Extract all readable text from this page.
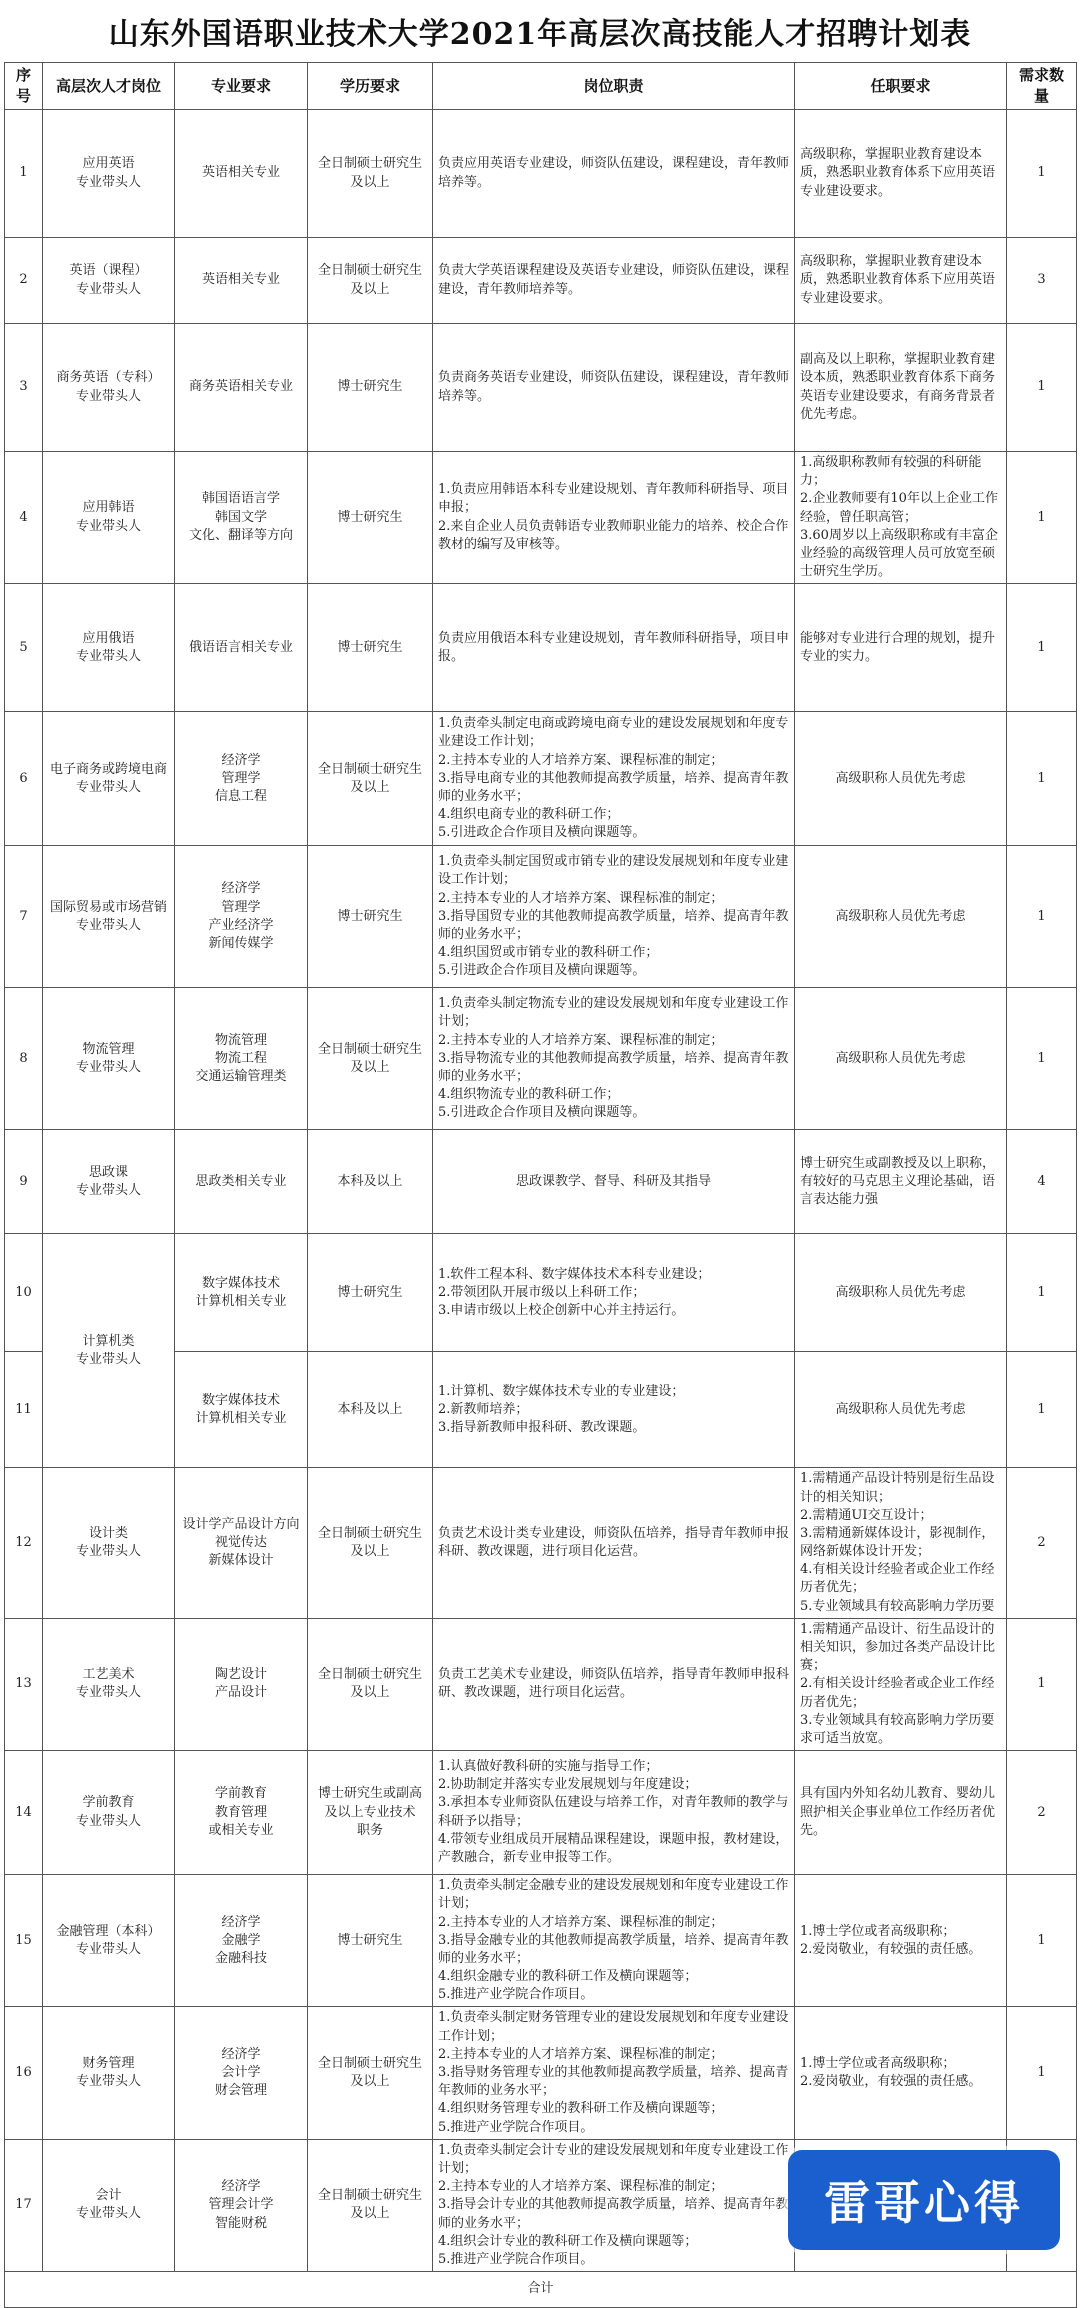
山东外国语职业技术大学2021年高层次高技能人才招聘计划表
序号	高层次人才岗位	专业要求	学历要求	岗位职责	任职要求	需求数量
1	应用英语
专业带头人	英语相关专业	全日制硕士研究生
及以上	负责应用英语专业建设，师资队伍建设，课程建设，青年教师培养等。	高级职称，掌握职业教育建设本质，熟悉职业教育体系下应用英语专业建设要求。	1
2	英语（课程）
专业带头人	英语相关专业	全日制硕士研究生
及以上	负责大学英语课程建设及英语专业建设，师资队伍建设，课程建设，青年教师培养等。	高级职称，掌握职业教育建设本质，熟悉职业教育体系下应用英语专业建设要求。	3
3	商务英语（专科）
专业带头人	商务英语相关专业	博士研究生	负责商务英语专业建设，师资队伍建设，课程建设，青年教师培养等。	副高及以上职称，掌握职业教育建设本质，熟悉职业教育体系下商务英语专业建设要求，有商务背景者优先考虑。	1
4	应用韩语
专业带头人	韩国语语言学
韩国文学
文化、翻译等方向	博士研究生	1.负责应用韩语本科专业建设规划、青年教师科研指导、项目申报；
2.来自企业人员负责韩语专业教师职业能力的培养、校企合作教材的编写及审核等。	1.高级职称教师有较强的科研能力；
2.企业教师要有10年以上企业工作经验，曾任职高管；
3.60周岁以上高级职称或有丰富企业经验的高级管理人员可放宽至硕士研究生学历。	1
5	应用俄语
专业带头人	俄语语言相关专业	博士研究生	负责应用俄语本科专业建设规划，青年教师科研指导，项目申报。	能够对专业进行合理的规划，提升专业的实力。	1
6	电子商务或跨境电商
专业带头人	经济学
管理学
信息工程	全日制硕士研究生
及以上	1.负责牵头制定电商或跨境电商专业的建设发展规划和年度专业建设工作计划；
2.主持本专业的人才培养方案、课程标准的制定；
3.指导电商专业的其他教师提高教学质量，培养、提高青年教师的业务水平；
4.组织电商专业的教科研工作；
5.引进政企合作项目及横向课题等。	高级职称人员优先考虑	1
7	国际贸易或市场营销
专业带头人	经济学
管理学
产业经济学
新闻传媒学	博士研究生	1.负责牵头制定国贸或市销专业的建设发展规划和年度专业建设工作计划；
2.主持本专业的人才培养方案、课程标准的制定；
3.指导国贸专业的其他教师提高教学质量，培养、提高青年教师的业务水平；
4.组织国贸或市销专业的教科研工作；
5.引进政企合作项目及横向课题等。	高级职称人员优先考虑	1
8	物流管理
专业带头人	物流管理
物流工程
交通运输管理类	全日制硕士研究生
及以上	1.负责牵头制定物流专业的建设发展规划和年度专业建设工作计划；
2.主持本专业的人才培养方案、课程标准的制定；
3.指导物流专业的其他教师提高教学质量，培养、提高青年教师的业务水平；
4.组织物流专业的教科研工作；
5.引进政企合作项目及横向课题等。	高级职称人员优先考虑	1
9	思政课
专业带头人	思政类相关专业	本科及以上	思政课教学、督导、科研及其指导	博士研究生或副教授及以上职称，有较好的马克思主义理论基础，语言表达能力强	4
10	计算机类
专业带头人	数字媒体技术
计算机相关专业	博士研究生	1.软件工程本科、数字媒体技术本科专业建设；
2.带领团队开展市级以上科研工作；
3.申请市级以上校企创新中心并主持运行。	高级职称人员优先考虑	1
11		数字媒体技术
计算机相关专业	本科及以上	1.计算机、数字媒体技术专业的专业建设；
2.新教师培养；
3.指导新教师申报科研、教改课题。	高级职称人员优先考虑	1
12	设计类
专业带头人	设计学产品设计方向
视觉传达
新媒体设计	全日制硕士研究生
及以上	负责艺术设计类专业建设，师资队伍培养，指导青年教师申报科研、教改课题，进行项目化运营。	1.需精通产品设计特别是衍生品设计的相关知识；
2.需精通UI交互设计；
3.需精通新媒体设计，影视制作，网络新媒体设计开发；
4.有相关设计经验者或企业工作经历者优先；
5.专业领域具有较高影响力学历要	2
13	工艺美术
专业带头人	陶艺设计
产品设计	全日制硕士研究生
及以上	负责工艺美术专业建设，师资队伍培养，指导青年教师申报科研、教改课题，进行项目化运营。	1.需精通产品设计、衍生品设计的相关知识，参加过各类产品设计比赛；
2.有相关设计经验者或企业工作经历者优先；
3.专业领域具有较高影响力学历要求可适当放宽。	1
14	学前教育
专业带头人	学前教育
教育管理
或相关专业	博士研究生或副高
及以上专业技术
职务	1.认真做好教科研的实施与指导工作；
2.协助制定并落实专业发展规划与年度建设；
3.承担本专业师资队伍建设与培养工作，对青年教师的教学与科研予以指导；
4.带领专业组成员开展精品课程建设，课题申报，教材建设，产教融合，新专业申报等工作。	具有国内外知名幼儿教育、婴幼儿照护相关企事业单位工作经历者优先。	2
15	金融管理（本科）
专业带头人	经济学
金融学
金融科技	博士研究生	1.负责牵头制定金融专业的建设发展规划和年度专业建设工作计划；
2.主持本专业的人才培养方案、课程标准的制定；
3.指导金融专业的其他教师提高教学质量，培养、提高青年教师的业务水平；
4.组织金融专业的教科研工作及横向课题等；
5.推进产业学院合作项目。	1.博士学位或者高级职称；
2.爱岗敬业，有较强的责任感。	1
16	财务管理
专业带头人	经济学
会计学
财会管理	全日制硕士研究生
及以上	1.负责牵头制定财务管理专业的建设发展规划和年度专业建设工作计划；
2.主持本专业的人才培养方案、课程标准的制定；
3.指导财务管理专业的其他教师提高教学质量，培养、提高青年教师的业务水平；
4.组织财务管理专业的教科研工作及横向课题等；
5.推进产业学院合作项目。	1.博士学位或者高级职称；
2.爱岗敬业，有较强的责任感。	1
17	会计
专业带头人	经济学
管理会计学
智能财税	全日制硕士研究生
及以上	1.负责牵头制定会计专业的建设发展规划和年度专业建设工作计划；
2.主持本专业的人才培养方案、课程标准的制定；
3.指导会计专业的其他教师提高教学质量，培养、提高青年教师的业务水平；
4.组织会计专业的教科研工作及横向课题等；
5.推进产业学院合作项目。		

合计						
雷哥心得
